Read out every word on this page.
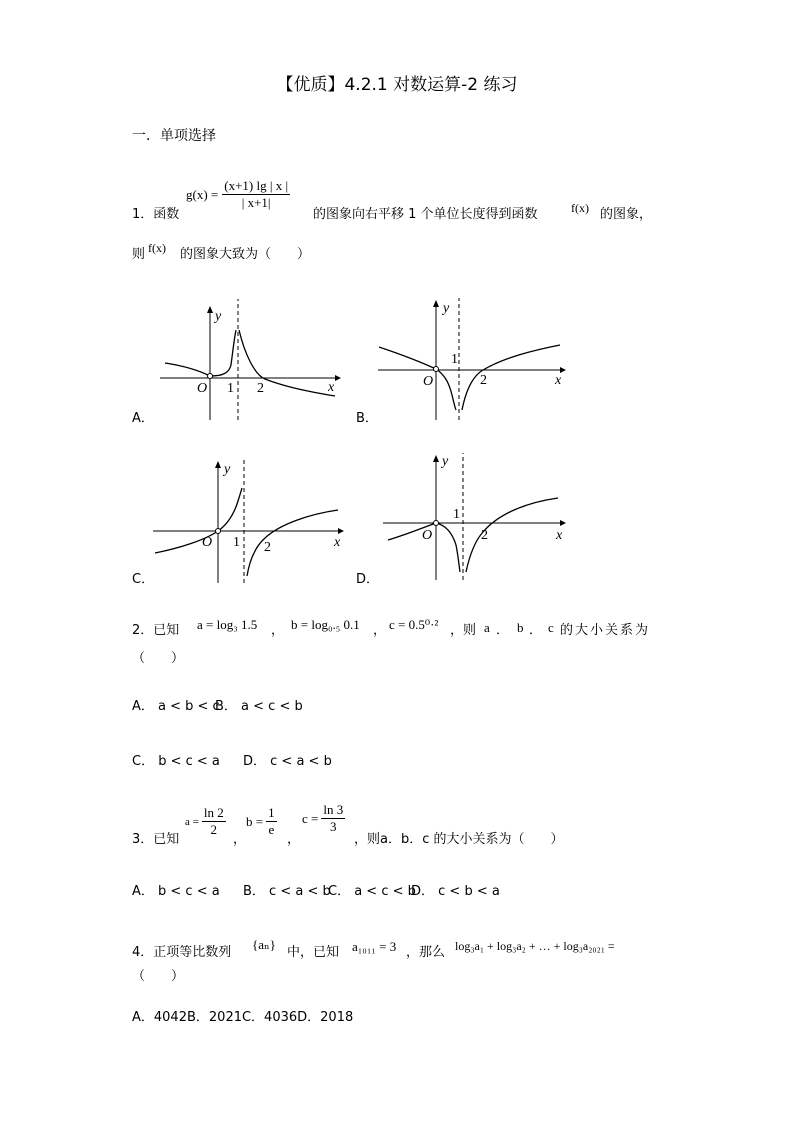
【优质】4.2.1 对数运算-2 练习
一．单项选择
1．函数
$g(x) = \frac{(x+1) \lg | x |}{| x+1|}$
的图象向右平移 1 个单位长度得到函数	f(x) 的图象，
则 f(x) 的图象大致为（　　）
O
y
x
1 2
A．
O
y
x
1
2
B．
O
y
x
1 2
C．
O
y
x
1
2
D．
2．已知 a = log₃ 1.5 ， b = log₀.₅ 0.1 ， c = 0.5⁰·² ，则 a ． b ． c 的大小关系为
（　　）
A． a < b < c
B． a < c < b
C． b < c < a D． c < a < b
3．已知
$a = \frac{\ln 2}{2}$
，
$b = \frac{1}{e}$
，
$c = \frac{\ln 3}{3}$
，则a．b．c 的大小关系为（　　）
A． b < c < a B． c < a < b
C． a < c < b
D． c < b < a
4．正项等比数列
{aₙ}
中，已知 a₁₀₁₁ = 3 ，那么 log₃a₁ + log₃a₂ + … + log₃a₂₀₂₁ =
（　　）
A．4042B．2021C．4036D．2018
